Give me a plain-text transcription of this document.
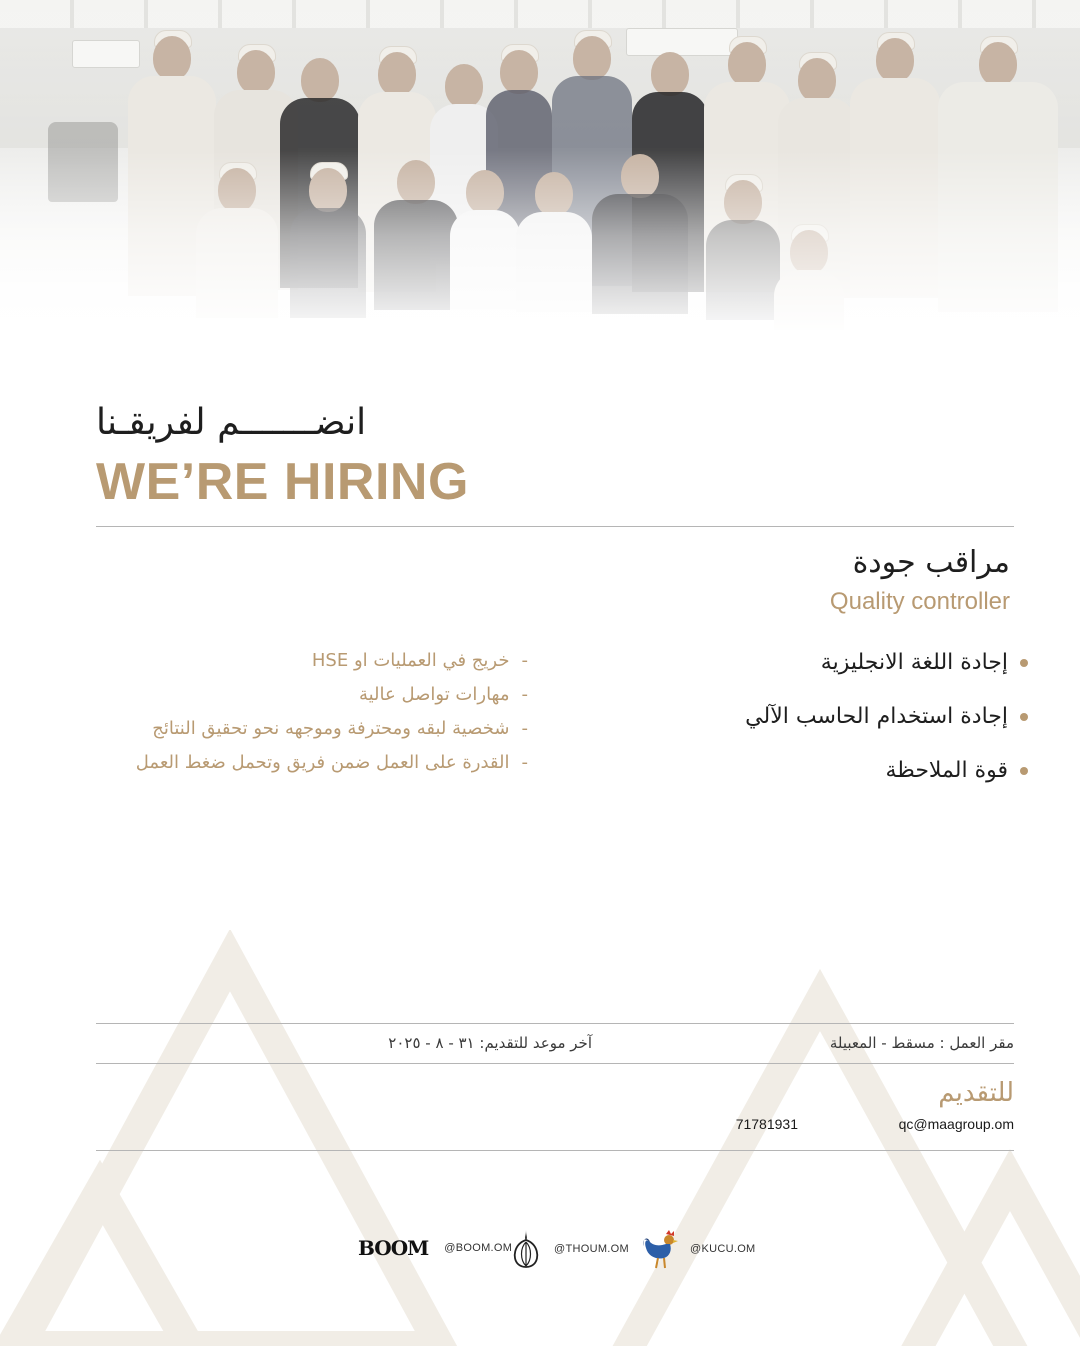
انضـــــــم لفريقـنا
WE’RE HIRING
مراقب جودة
Quality controller
إجادة اللغة الانجليزية
إجادة استخدام الحاسب الآلي
قوة الملاحظة
-
خريج في العمليات او HSE
-
مهارات تواصل عالية
-
شخصية لبقه ومحترفة وموجهه نحو تحقيق النتائج
-
القدرة على العمل ضمن فريق وتحمل ضغط العمل
مقر العمل : مسقط - المعبيلة
آخر موعد للتقديم: ٣١ - ٨ - ٢٠٢٥
للتقديم
qc@maagroup.om
71781931
BOOM @BOOM.OM	@THOUM.OM	@KUCU.OM
